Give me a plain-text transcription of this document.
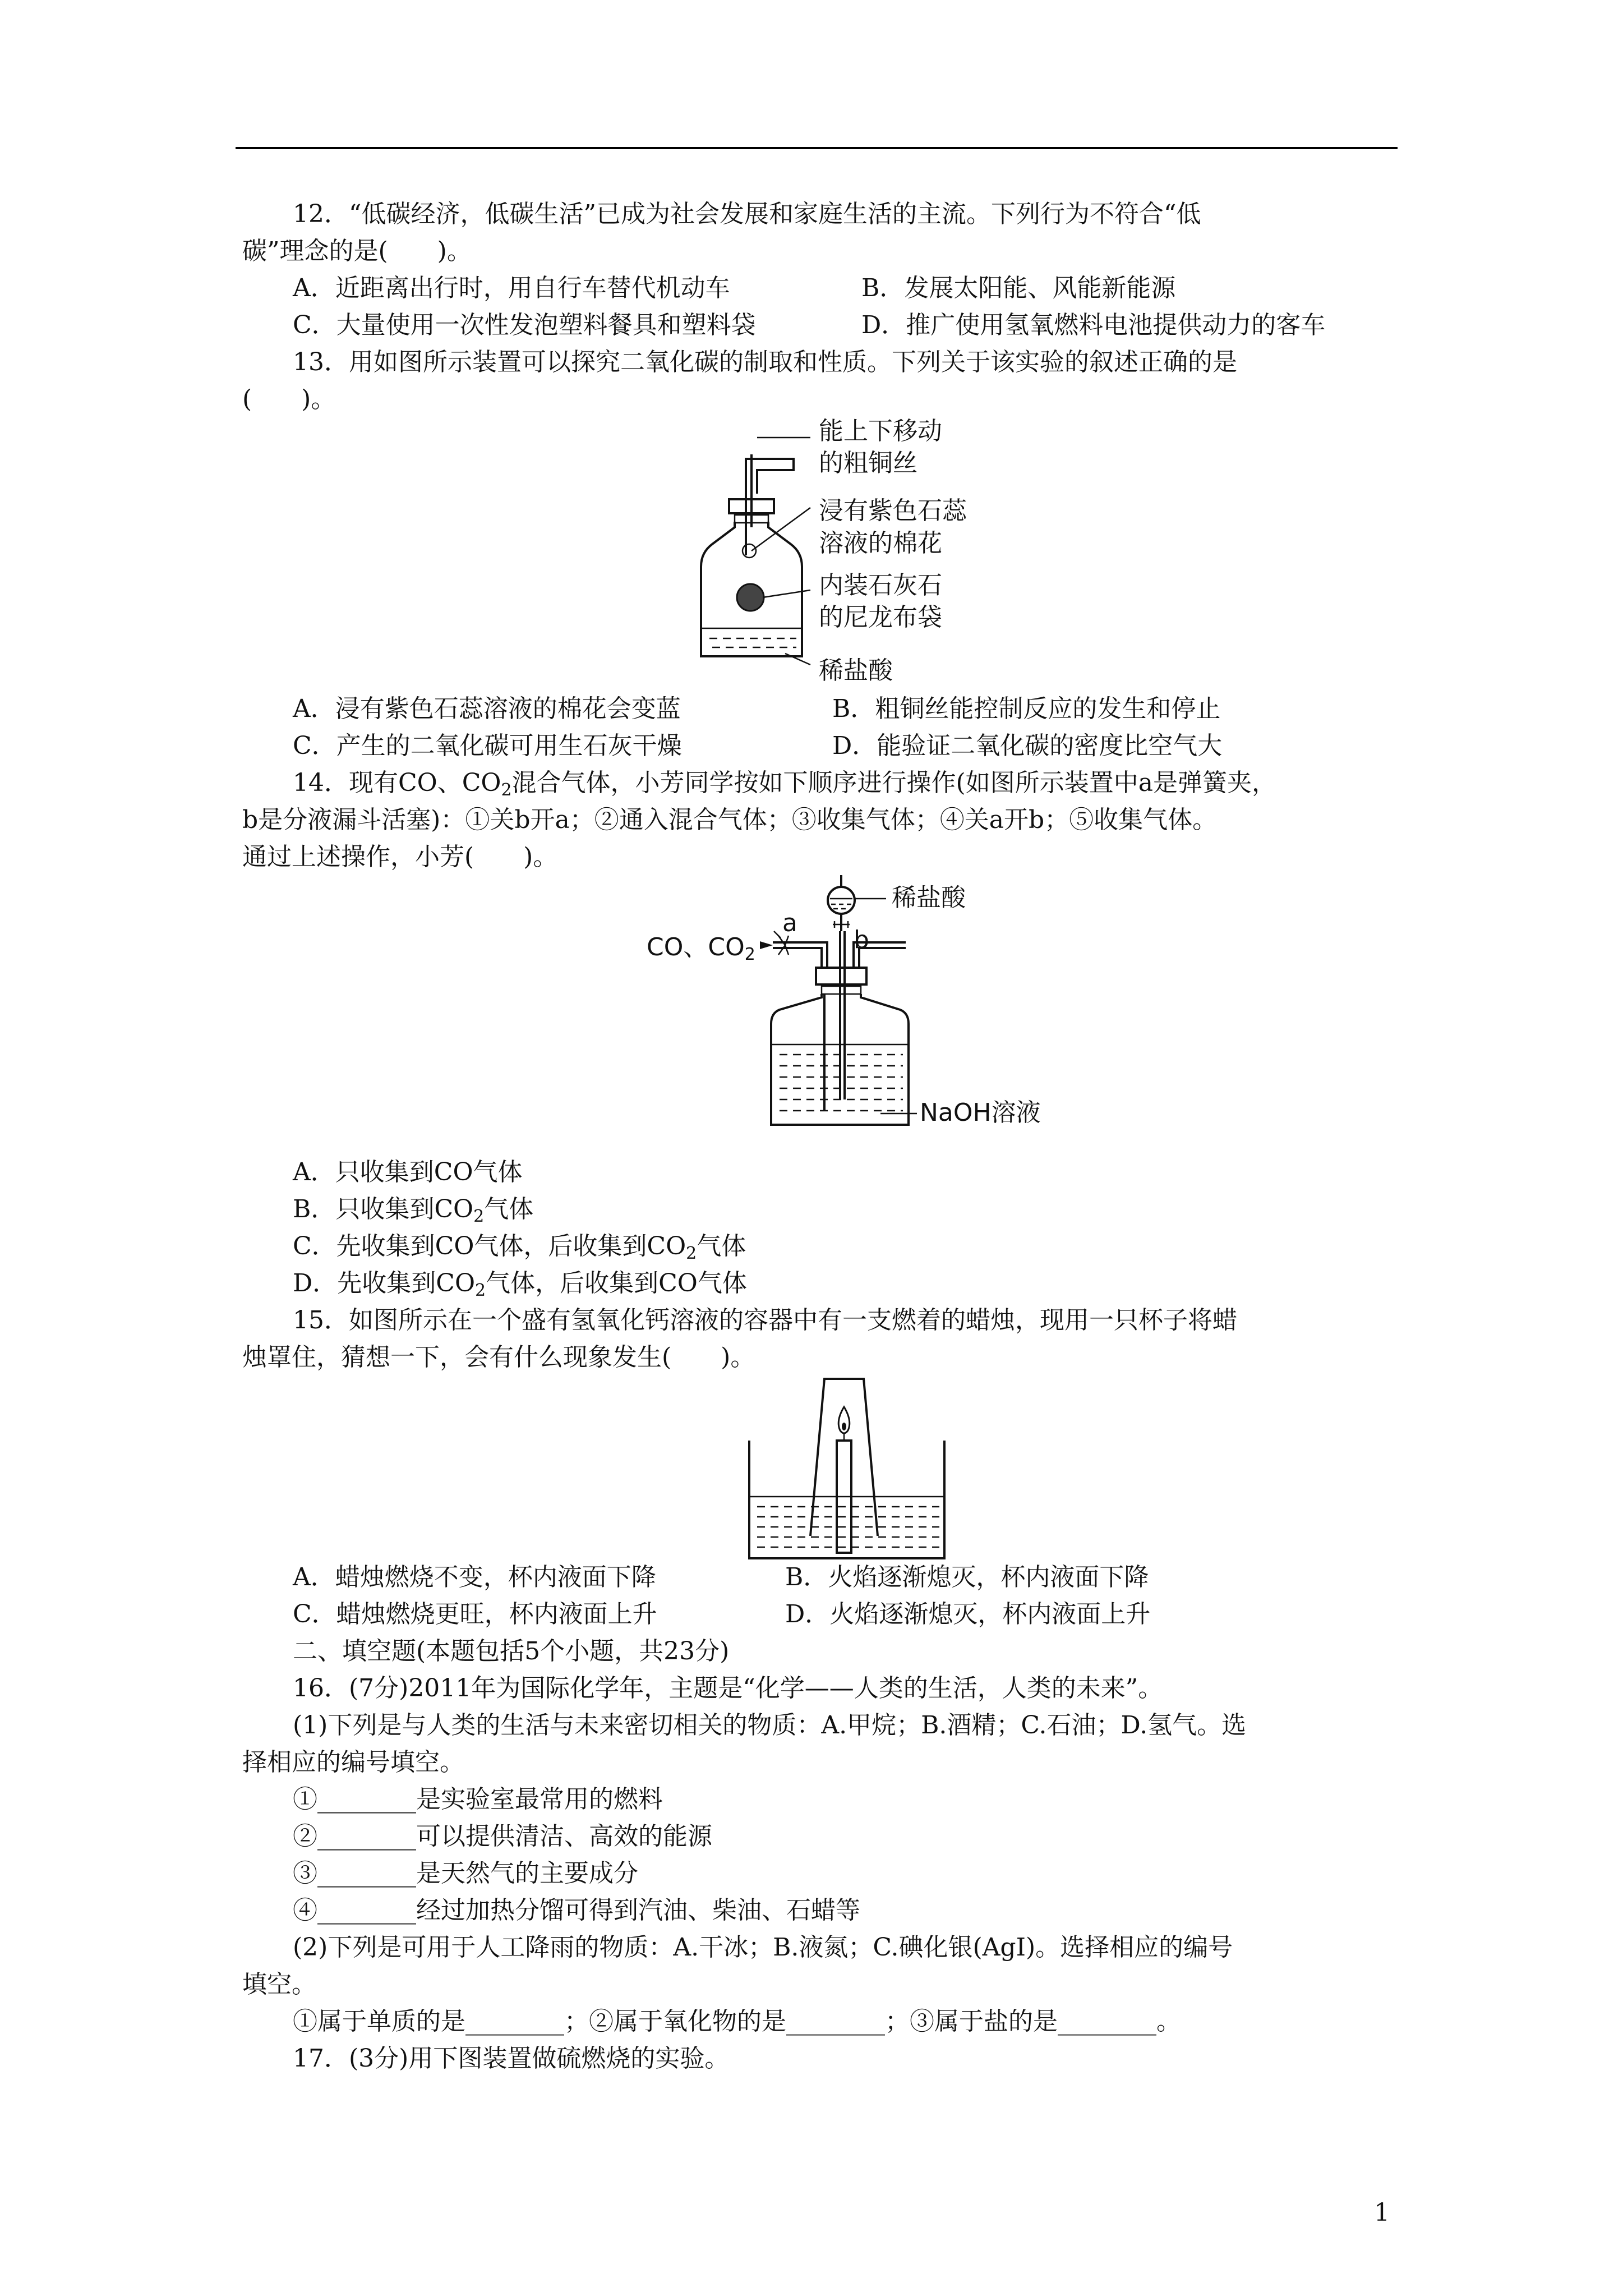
12．“低碳经济，低碳生活”已成为社会发展和家庭生活的主流。下列行为不符合“低
碳”理念的是(　　)。
A．近距离出行时，用自行车替代机动车	B．发展太阳能、风能新能源
C．大量使用一次性发泡塑料餐具和塑料袋	D．推广使用氢氧燃料电池提供动力的客车
13．用如图所示装置可以探究二氧化碳的制取和性质。下列关于该实验的叙述正确的是
(　　)。
能上下移动
的粗铜丝
浸有紫色石蕊
溶液的棉花
内装石灰石
的尼龙布袋
稀盐酸
A．浸有紫色石蕊溶液的棉花会变蓝	B．粗铜丝能控制反应的发生和停止
C．产生的二氧化碳可用生石灰干燥	D．能验证二氧化碳的密度比空气大
14．现有CO、$CO_2$混合气体，小芳同学按如下顺序进行操作(如图所示装置中a是弹簧夹，
b是分液漏斗活塞)：①关b开a；②通入混合气体；③收集气体；④关a开b；⑤收集气体。
通过上述操作，小芳(　　)。
b
稀盐酸
a
CO、CO2
NaOH溶液
A．只收集到CO气体
B．只收集到$CO_2$气体
C．先收集到CO气体，后收集到$CO_2$气体
D．先收集到$CO_2$气体，后收集到CO气体
15．如图所示在一个盛有氢氧化钙溶液的容器中有一支燃着的蜡烛，现用一只杯子将蜡
烛罩住，猜想一下，会有什么现象发生(　　)。
A．蜡烛燃烧不变，杯内液面下降	B．火焰逐渐熄灭，杯内液面下降
C．蜡烛燃烧更旺，杯内液面上升	D．火焰逐渐熄灭，杯内液面上升
二、填空题(本题包括5个小题，共23分)
16．(7分)2011年为国际化学年，主题是“化学——人类的生活，人类的未来”。
(1)下列是与人类的生活与未来密切相关的物质：A.甲烷；B.酒精；C.石油；D.氢气。选
择相应的编号填空。
①________是实验室最常用的燃料
②________可以提供清洁、高效的能源
③________是天然气的主要成分
④________经过加热分馏可得到汽油、柴油、石蜡等
(2)下列是可用于人工降雨的物质：A.干冰；B.液氮；C.碘化银(AgI)。选择相应的编号
填空。
①属于单质的是________；②属于氧化物的是________；③属于盐的是________。
17．(3分)用下图装置做硫燃烧的实验。
1
